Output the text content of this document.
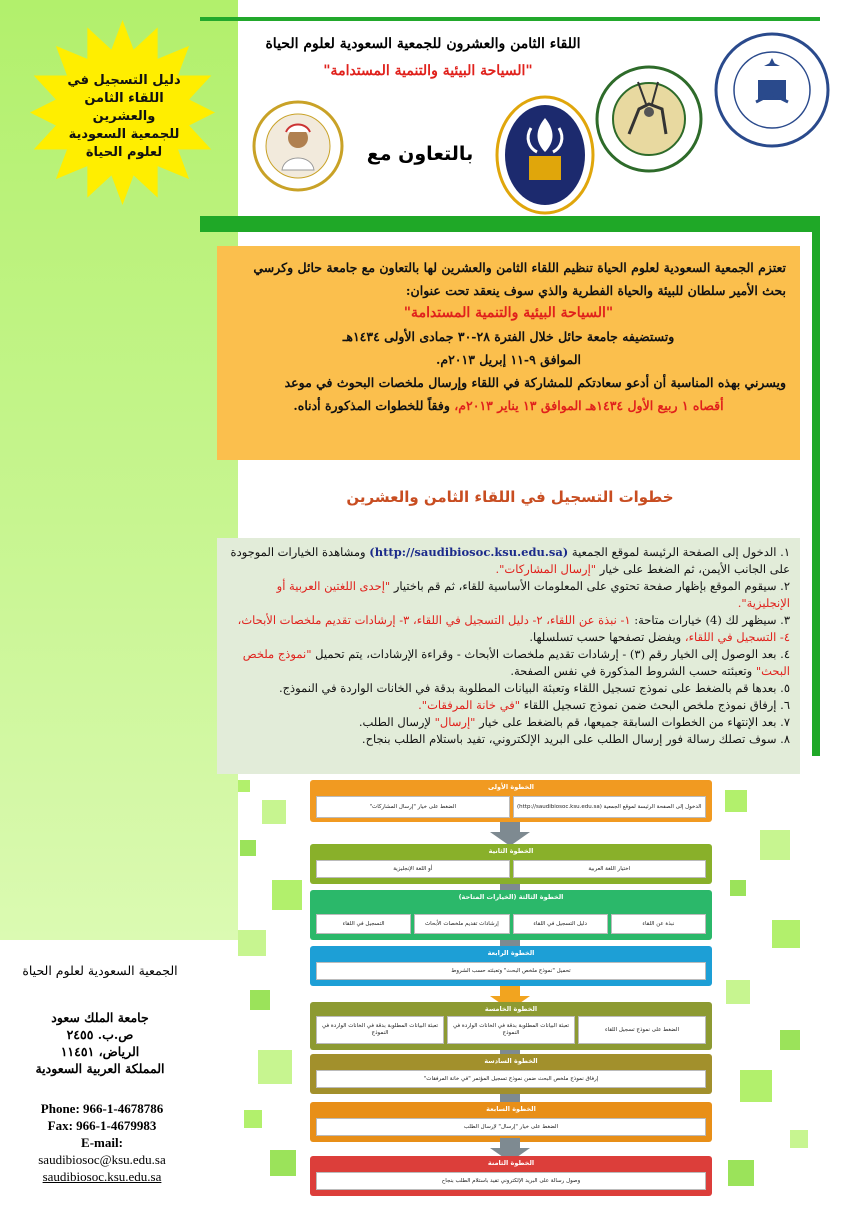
دليل التسجيل في
اللقاء الثامن
والعشرين
للجمعية السعودية
لعلوم الحياة
اللقاء الثامن والعشرون للجمعية السعودية لعلوم الحياة
"السياحة البيئية والتنمية المستدامة"
بالتعاون مع
تعتزم الجمعية السعودية لعلوم الحياة تنظيم اللقاء الثامن والعشرين لها بالتعاون مع جامعة حائل وكرسي بحث الأمير سلطان للبيئة والحياة الفطرية والذي سوف ينعقد تحت عنوان:
"السياحة البيئية والتنمية المستدامة"
وتستضيفه جامعة حائل خلال الفترة ٢٨-٣٠ جمادى الأولى ١٤٣٤هـ
الموافق ٩-١١ إبريل ٢٠١٣م.
ويسرني بهذه المناسبة أن أدعو سعادتكم للمشاركة في اللقاء وإرسال ملخصات البحوث في موعد
أقصاه ١ ربيع الأول ١٤٣٤هـ الموافق ١٣ يناير ٢٠١٣م، وفقاً للخطوات المذكورة أدناه.
خطوات التسجيل في اللقاء الثامن والعشرين

١. الدخول إلى الصفحة الرئيسة لموقع الجمعية (http://saudibiosoc.ksu.edu.sa) ومشاهدة الخيارات الموجودة على الجانب الأيمن، ثم الضغط على خيار "إرسال المشاركات".

٢. سيقوم الموقع بإظهار صفحة تحتوي على المعلومات الأساسية للقاء، ثم قم باختيار "إحدى اللغتين العربية أو الإنجليزية".

٣. سيظهر لك (4) خيارات متاحة: ١- نبذة عن اللقاء، ٢- دليل التسجيل في اللقاء، ٣- إرشادات تقديم ملخصات الأبحاث، ٤- التسجيل في اللقاء، ويفضل تصفحها حسب تسلسلها.

٤. بعد الوصول إلى الخيار رقم (٣) - إرشادات تقديم ملخصات الأبحاث - وقراءة الإرشادات، يتم تحميل "نموذج ملخص البحث" وتعبئته حسب الشروط المذكورة في نفس الصفحة.

٥. بعدها قم بالضغط على نموذج تسجيل اللقاء وتعبئة البيانات المطلوبة بدقة في الخانات الواردة في النموذج.

٦. إرفاق نموذج ملخص البحث ضمن نموذج تسجيل اللقاء "في خانة المرفقات".

٧. بعد الإنتهاء من الخطوات السابقة جميعها، قم بالضغط على خيار "إرسال" لإرسال الطلب.

٨. سوف تصلك رسالة فور إرسال الطلب على البريد الإلكتروني، تفيد باستلام الطلب بنجاح.

الخطوة الأولى
الدخول إلى الصفحة الرئيسة لموقع الجمعية (http://saudibiosoc.ksu.edu.sa)
الضغط على خيار "إرسال المشاركات"
الخطوة الثانية
اختيار اللغة العربية
أو اللغة الإنجليزية
الخطوة الثالثة (الخيارات المتاحة)
نبذة عن اللقاء
دليل التسجيل في اللقاء
إرشادات تقديم ملخصات الأبحاث
التسجيل في اللقاء
الخطوة الرابعة
تحميل "نموذج ملخص البحث" وتعبئته حسب الشروط
الخطوة الخامسة
الضغط على نموذج تسجيل اللقاء
تعبئة البيانات المطلوبة بدقة في الخانات الواردة في النموذج
تعبئة البيانات المطلوبة بدقة في الخانات الواردة في النموذج
الخطوة السادسة
إرفاق نموذج ملخص البحث ضمن نموذج تسجيل المؤتمر "في خانة المرفقات"
الخطوة السابعة
الضغط على خيار "إرسال" لإرسال الطلب
الخطوة الثامنة
وصول رسالة على البريد الإلكتروني تفيد باستلام الطلب بنجاح
الجمعية السعودية لعلوم الحياة
جامعة الملك سعود
ص.ب. ٢٤٥٥
الرياض، ١١٤٥١
المملكة العربية السعودية
Phone: 966-1-4678786
Fax: 966-1-4679983
E-mail:
saudibiosoc@ksu.edu.sa
saudibiosoc.ksu.edu.sa
